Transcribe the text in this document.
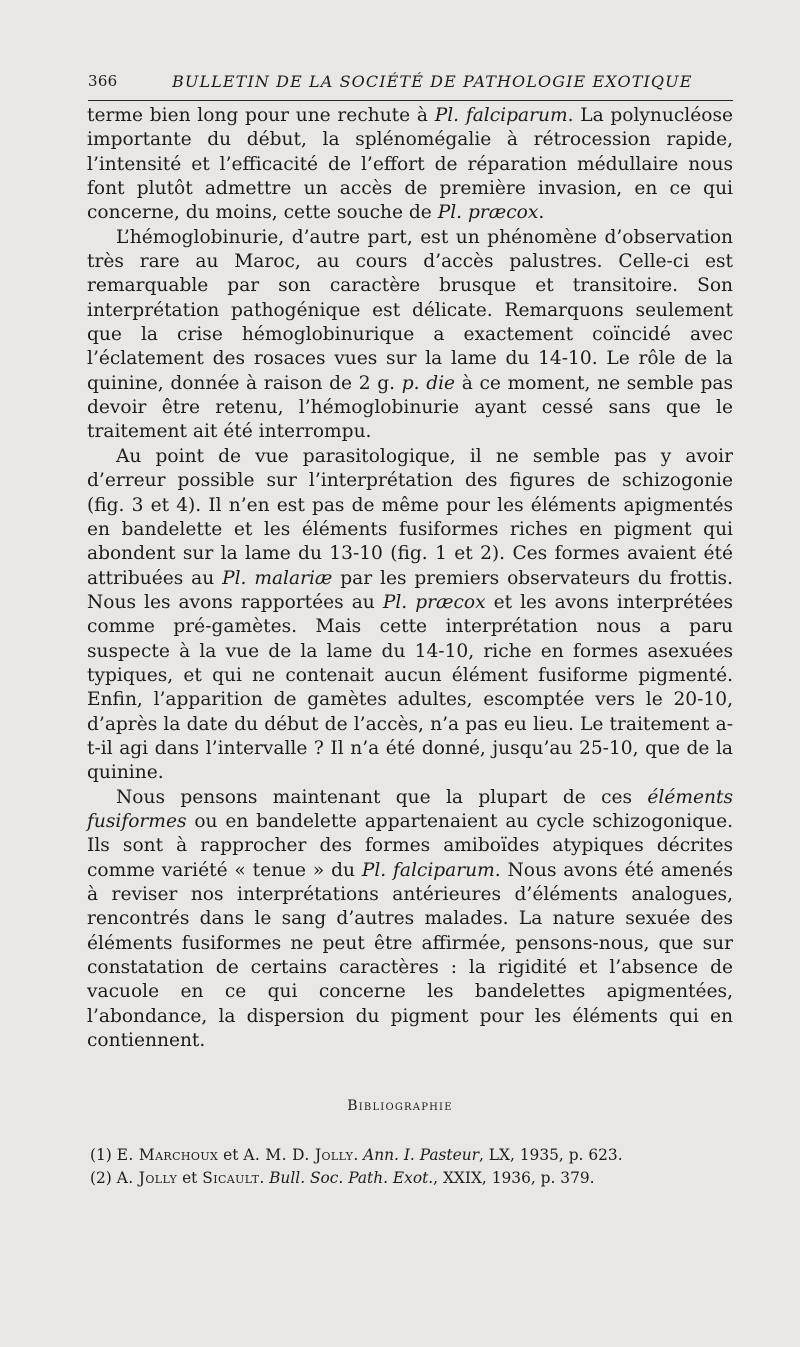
366	BULLETIN DE LA SOCIÉTÉ DE PATHOLOGIE EXOTIQUE

terme bien long pour une rechute à Pl. falciparum. La polynucléose importante du début, la splénomégalie à rétrocession rapide, l’intensité et l’efficacité de l’effort de réparation médullaire nous font plutôt admettre un accès de première invasion, en ce qui concerne, du moins, cette souche de Pl. præcox.

L’hémoglobinurie, d’autre part, est un phénomène d’observation très rare au Maroc, au cours d’accès palustres. Celle-ci est remarquable par son caractère brusque et transitoire. Son interprétation pathogénique est délicate. Remarquons seulement que la crise hémoglobinurique a exactement coïncidé avec l’éclatement des rosaces vues sur la lame du 14-10. Le rôle de la quinine, donnée à raison de 2 g. p. die à ce moment, ne semble pas devoir être retenu, l’hémoglobinurie ayant cessé sans que le traitement ait été interrompu.

Au point de vue parasitologique, il ne semble pas y avoir d’erreur possible sur l’interprétation des figures de schizogonie (fig. 3 et 4). Il n’en est pas de même pour les éléments apigmentés en bandelette et les éléments fusiformes riches en pigment qui abondent sur la lame du 13-10 (fig. 1 et 2). Ces formes avaient été attribuées au Pl. malariæ par les premiers observateurs du frottis. Nous les avons rapportées au Pl. præcox et les avons interprétées comme pré-gamètes. Mais cette interprétation nous a paru suspecte à la vue de la lame du 14-10, riche en formes asexuées typiques, et qui ne contenait aucun élément fusiforme pigmenté. Enfin, l’apparition de gamètes adultes, escomptée vers le 20-10, d’après la date du début de l’accès, n’a pas eu lieu. Le traitement a-t-il agi dans l’intervalle ? Il n’a été donné, jusqu’au 25-10, que de la quinine.

Nous pensons maintenant que la plupart de ces éléments fusiformes ou en bandelette appartenaient au cycle schizogonique. Ils sont à rapprocher des formes amiboïdes atypiques décrites comme variété « tenue » du Pl. falciparum. Nous avons été amenés à reviser nos interprétations antérieures d’éléments analogues, rencontrés dans le sang d’autres malades. La nature sexuée des éléments fusiformes ne peut être affirmée, pensons-nous, que sur constatation de certains caractères : la rigidité et l’absence de vacuole en ce qui concerne les bandelettes apigmentées, l’abondance, la dispersion du pigment pour les éléments qui en contiennent.

Bibliographie
(1) E. Marchoux et A. M. D. Jolly. Ann. I. Pasteur, LX, 1935, p. 623.
(2) A. Jolly et Sicault. Bull. Soc. Path. Exot., XXIX, 1936, p. 379.
